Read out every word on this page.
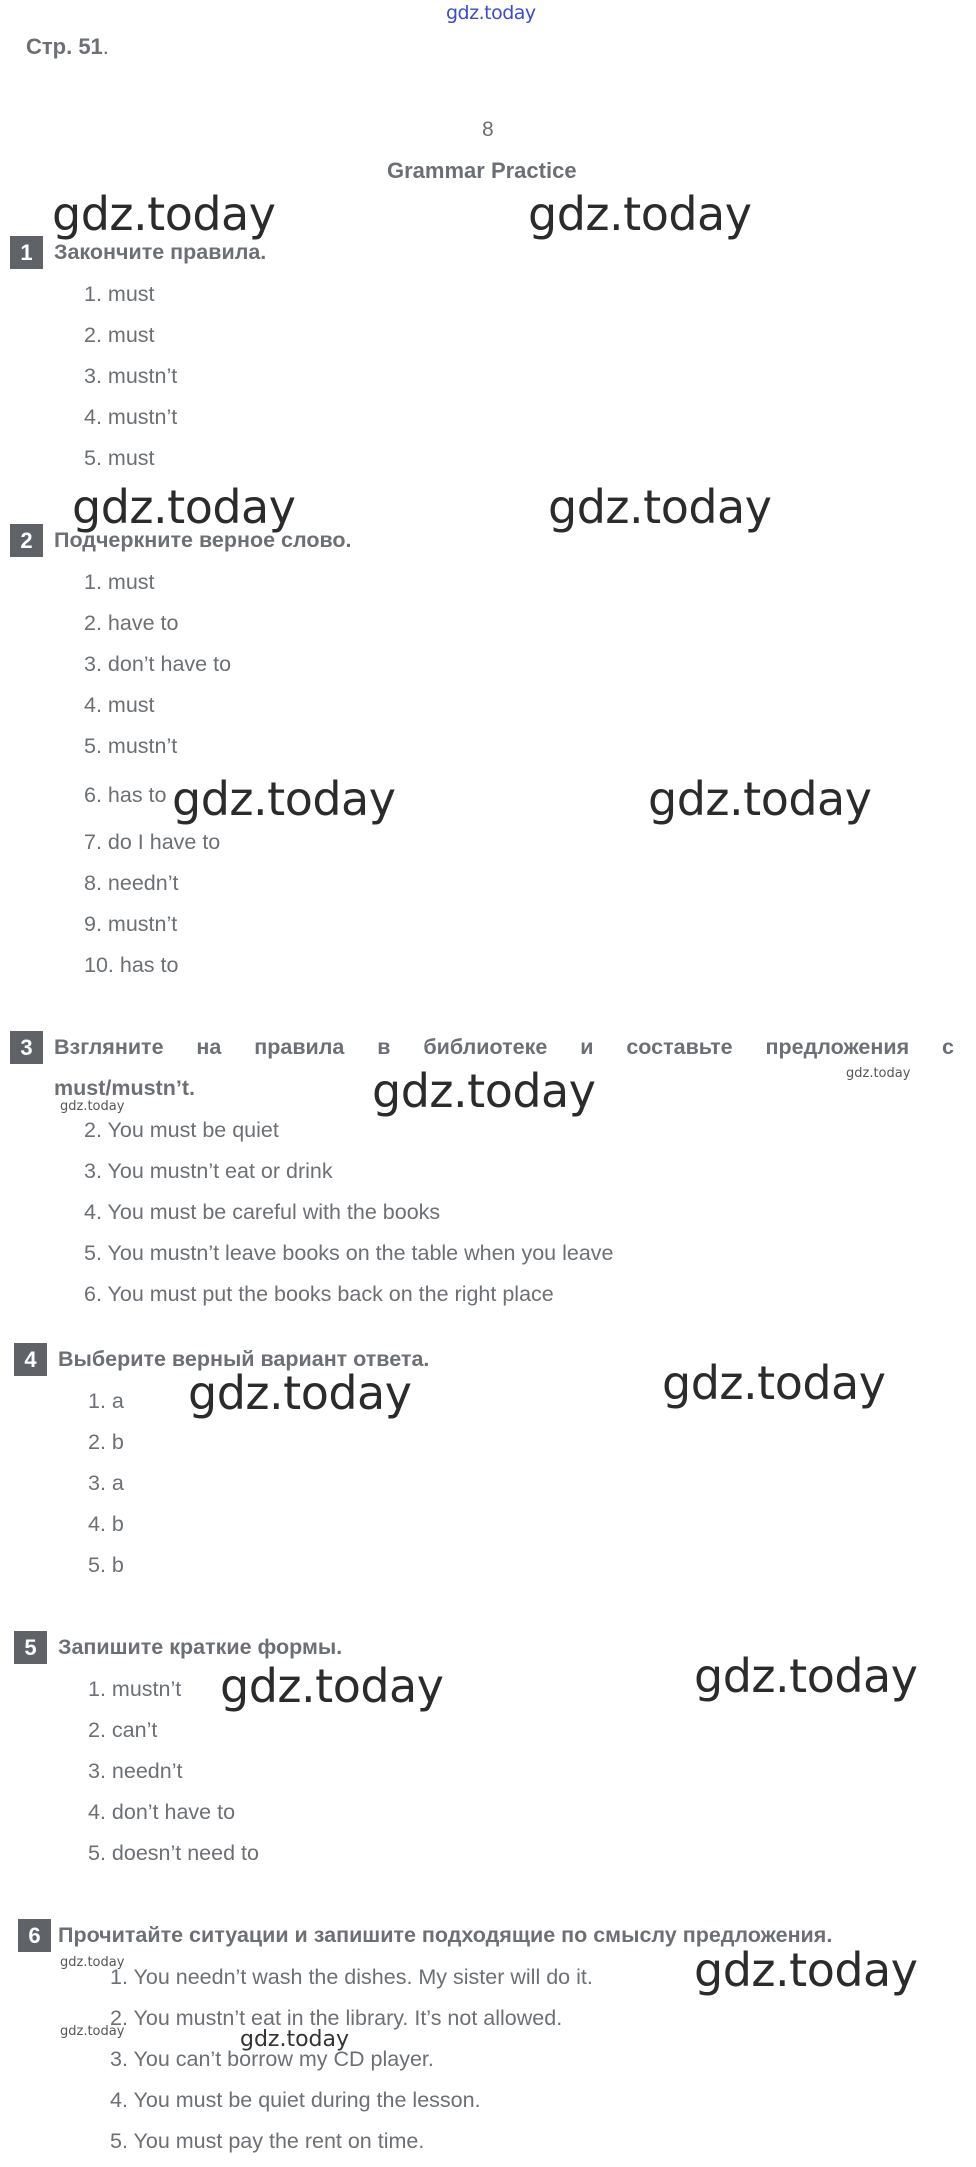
gdz.today
Стр. 51.
8
Grammar Practice
1 Закончите правила.
1. must
2. must
3. mustn’t
4. mustn’t
5. must
2 Подчеркните верное слово.
1. must
2. have to
3. don’t have to
4. must
5. mustn’t
6. has to
7. do I have to
8. needn’t
9. mustn’t
10. has to
3 Взгляните на правила в библиотеке и составьте предложения с
must/mustn’t.
2. You must be quiet
3. You mustn’t eat or drink
4. You must be careful with the books
5. You mustn’t leave books on the table when you leave
6. You must put the books back on the right place
4 Выберите верный вариант ответа.
1. a
2. b
3. a
4. b
5. b
5 Запишите краткие формы.
1. mustn’t
2. can’t
3. needn’t
4. don’t have to
5. doesn’t need to
6 Прочитайте ситуации и запишите подходящие по смыслу предложения.
1. You needn’t wash the dishes. My sister will do it.
2. You mustn’t eat in the library. It’s not allowed.
3. You can’t borrow my CD player.
4. You must be quiet during the lesson.
5. You must pay the rent on time.
gdz.today	gdz.today
gdz.today	gdz.today
gdz.today	gdz.today
gdz.today
gdz.today
gdz.today
gdz.today
gdz.today
gdz.today
gdz.today
gdz.today
gdz.today
gdz.today	gdz.today
